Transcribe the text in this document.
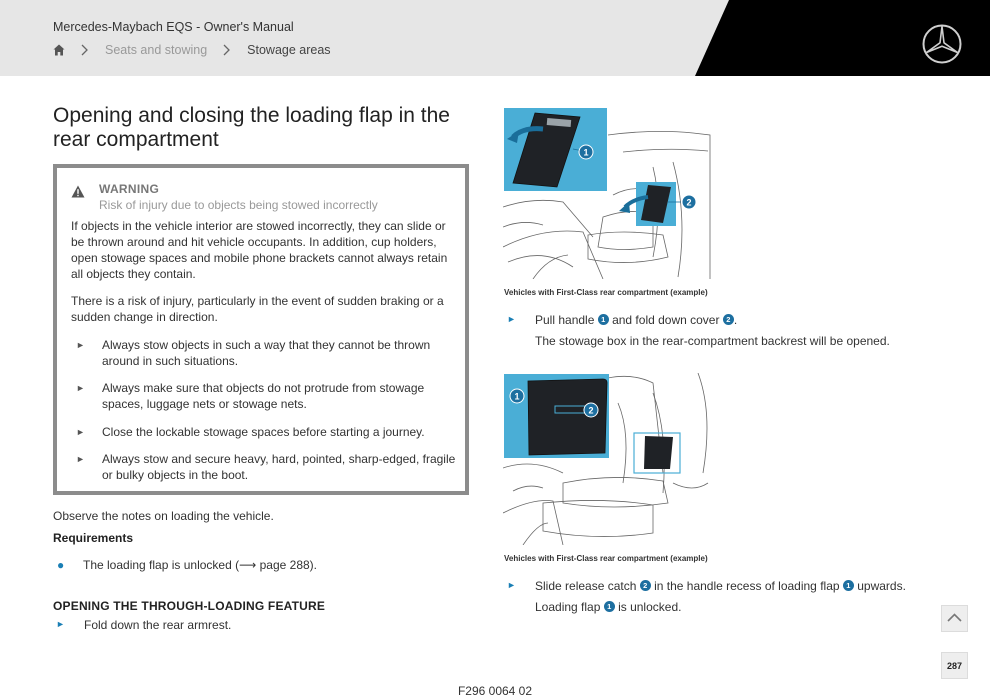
Mercedes-Maybach EQS - Owner's Manual
Seats and stowing	Stowage areas
Opening and closing the loading flap in the rear compartment
WARNING
Risk of injury due to objects being stowed incorrectly
If objects in the vehicle interior are stowed incorrectly, they can slide or be thrown around and hit vehicle occupants. In addition, cup holders, open stowage spaces and mobile phone brackets cannot always retain all objects they contain.
There is a risk of injury, particularly in the event of sudden braking or a sudden change in direction.
► Always stow objects in such a way that they cannot be thrown around in such situations.
► Always make sure that objects do not protrude from stowage spaces, luggage nets or stowage nets.
► Close the lockable stowage spaces before starting a journey.
► Always stow and secure heavy, hard, pointed, sharp-edged, fragile or bulky objects in the boot.
Observe the notes on loading the vehicle.
Requirements
● The loading flap is unlocked (⟶ page 288).
OPENING THE THROUGH-LOADING FEATURE
► Fold down the rear armrest.
1
2
Vehicles with First-Class rear compartment (example)
► Pull handle 1 and fold down cover 2 .
The stowage box in the rear-compartment backrest will be opened.
1
2
Vehicles with First-Class rear compartment (example)
► Slide release catch 2 in the handle recess of loading flap 1 upwards.
Loading flap 1 is unlocked.
287
F296 0064 02
